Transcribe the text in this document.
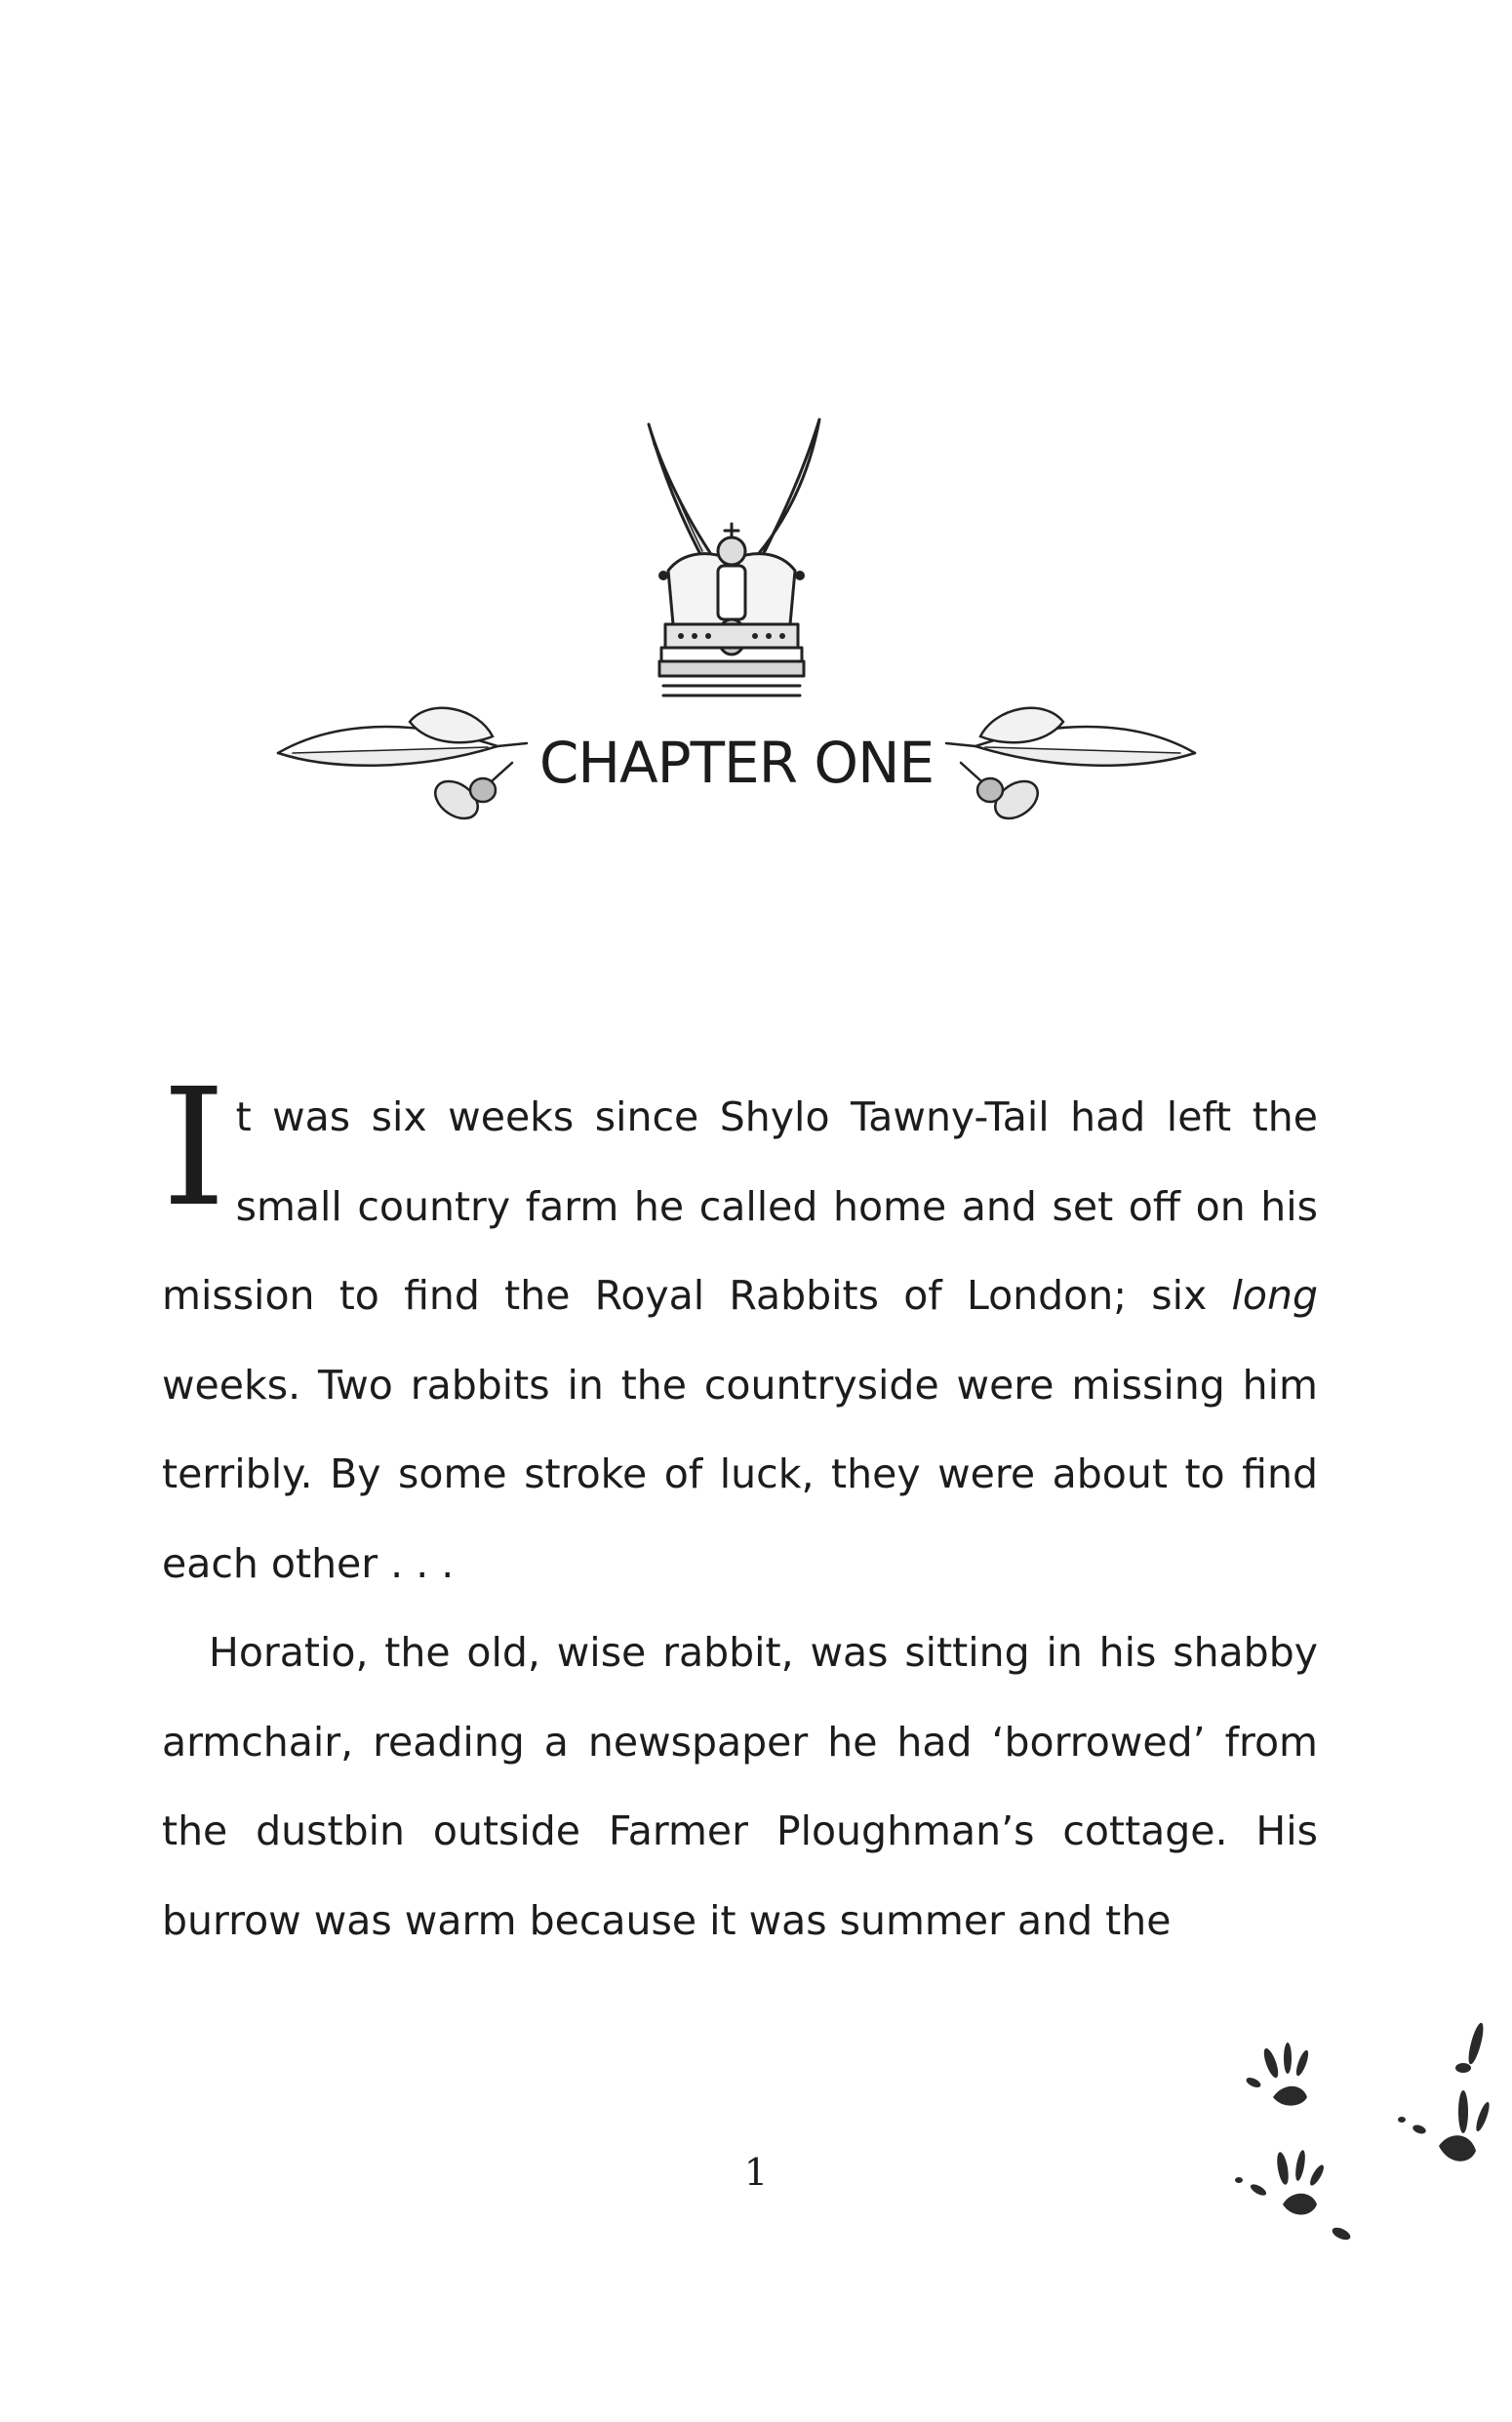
CHAPTER ONE

It was six weeks since Shylo Tawny-Tail had left the small country farm he called home and set off on his mission to find the Royal Rabbits of London; six long weeks. Two rabbits in the countryside were missing him terribly. By some stroke of luck, they were about to find each other . . .

Horatio, the old, wise rabbit, was sitting in his shabby armchair, reading a newspaper he had ‘borrowed’ from the dustbin outside Farmer Ploughman’s cottage. His burrow was warm because it was summer and the

1
